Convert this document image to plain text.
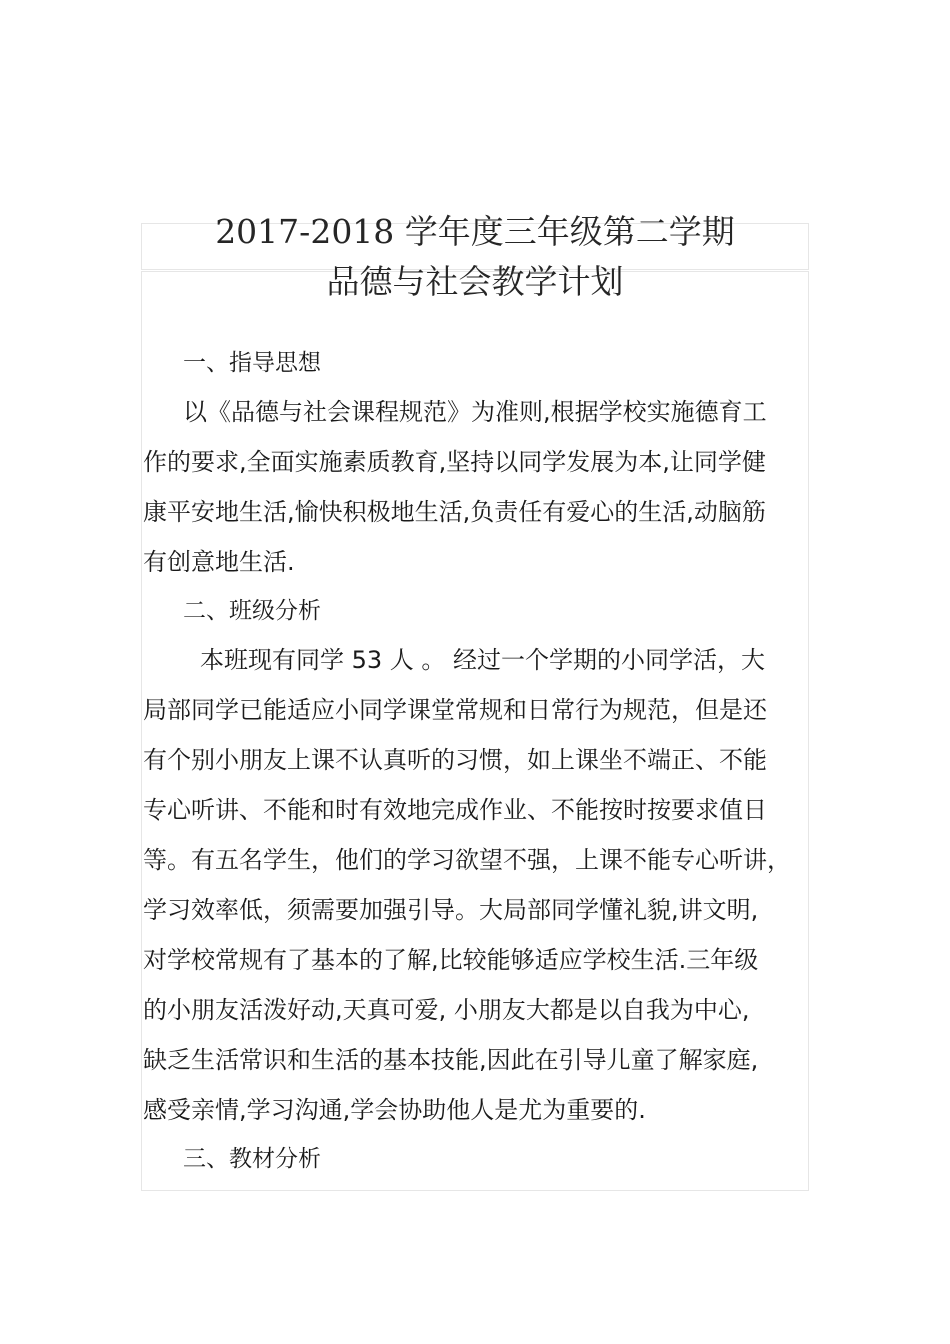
2017-2018 学年度三年级第二学期
品德与社会教学计划
一、指导思想

以《品德与社会课程规范》为准则,根据学校实施德育工
作的要求,全面实施素质教育,坚持以同学发展为本,让同学健
康平安地生活,愉快积极地生活,负责任有爱心的生活,动脑筋
有创意地生活.

二、班级分析

本班现有同学 53 人 。 经过一个学期的小同学活，大
局部同学已能适应小同学课堂常规和日常行为规范，但是还
有个别小朋友上课不认真听的习惯，如上课坐不端正、不能
专心听讲、不能和时有效地完成作业、不能按时按要求值日
等。有五名学生，他们的学习欲望不强，上课不能专心听讲，
学习效率低，须需要加强引导。大局部同学懂礼貌,讲文明,
对学校常规有了基本的了解,比较能够适应学校生活.三年级
的小朋友活泼好动,天真可爱, 小朋友大都是以自我为中心,
缺乏生活常识和生活的基本技能,因此在引导儿童了解家庭,
感受亲情,学习沟通,学会协助他人是尤为重要的.

三、教材分析
